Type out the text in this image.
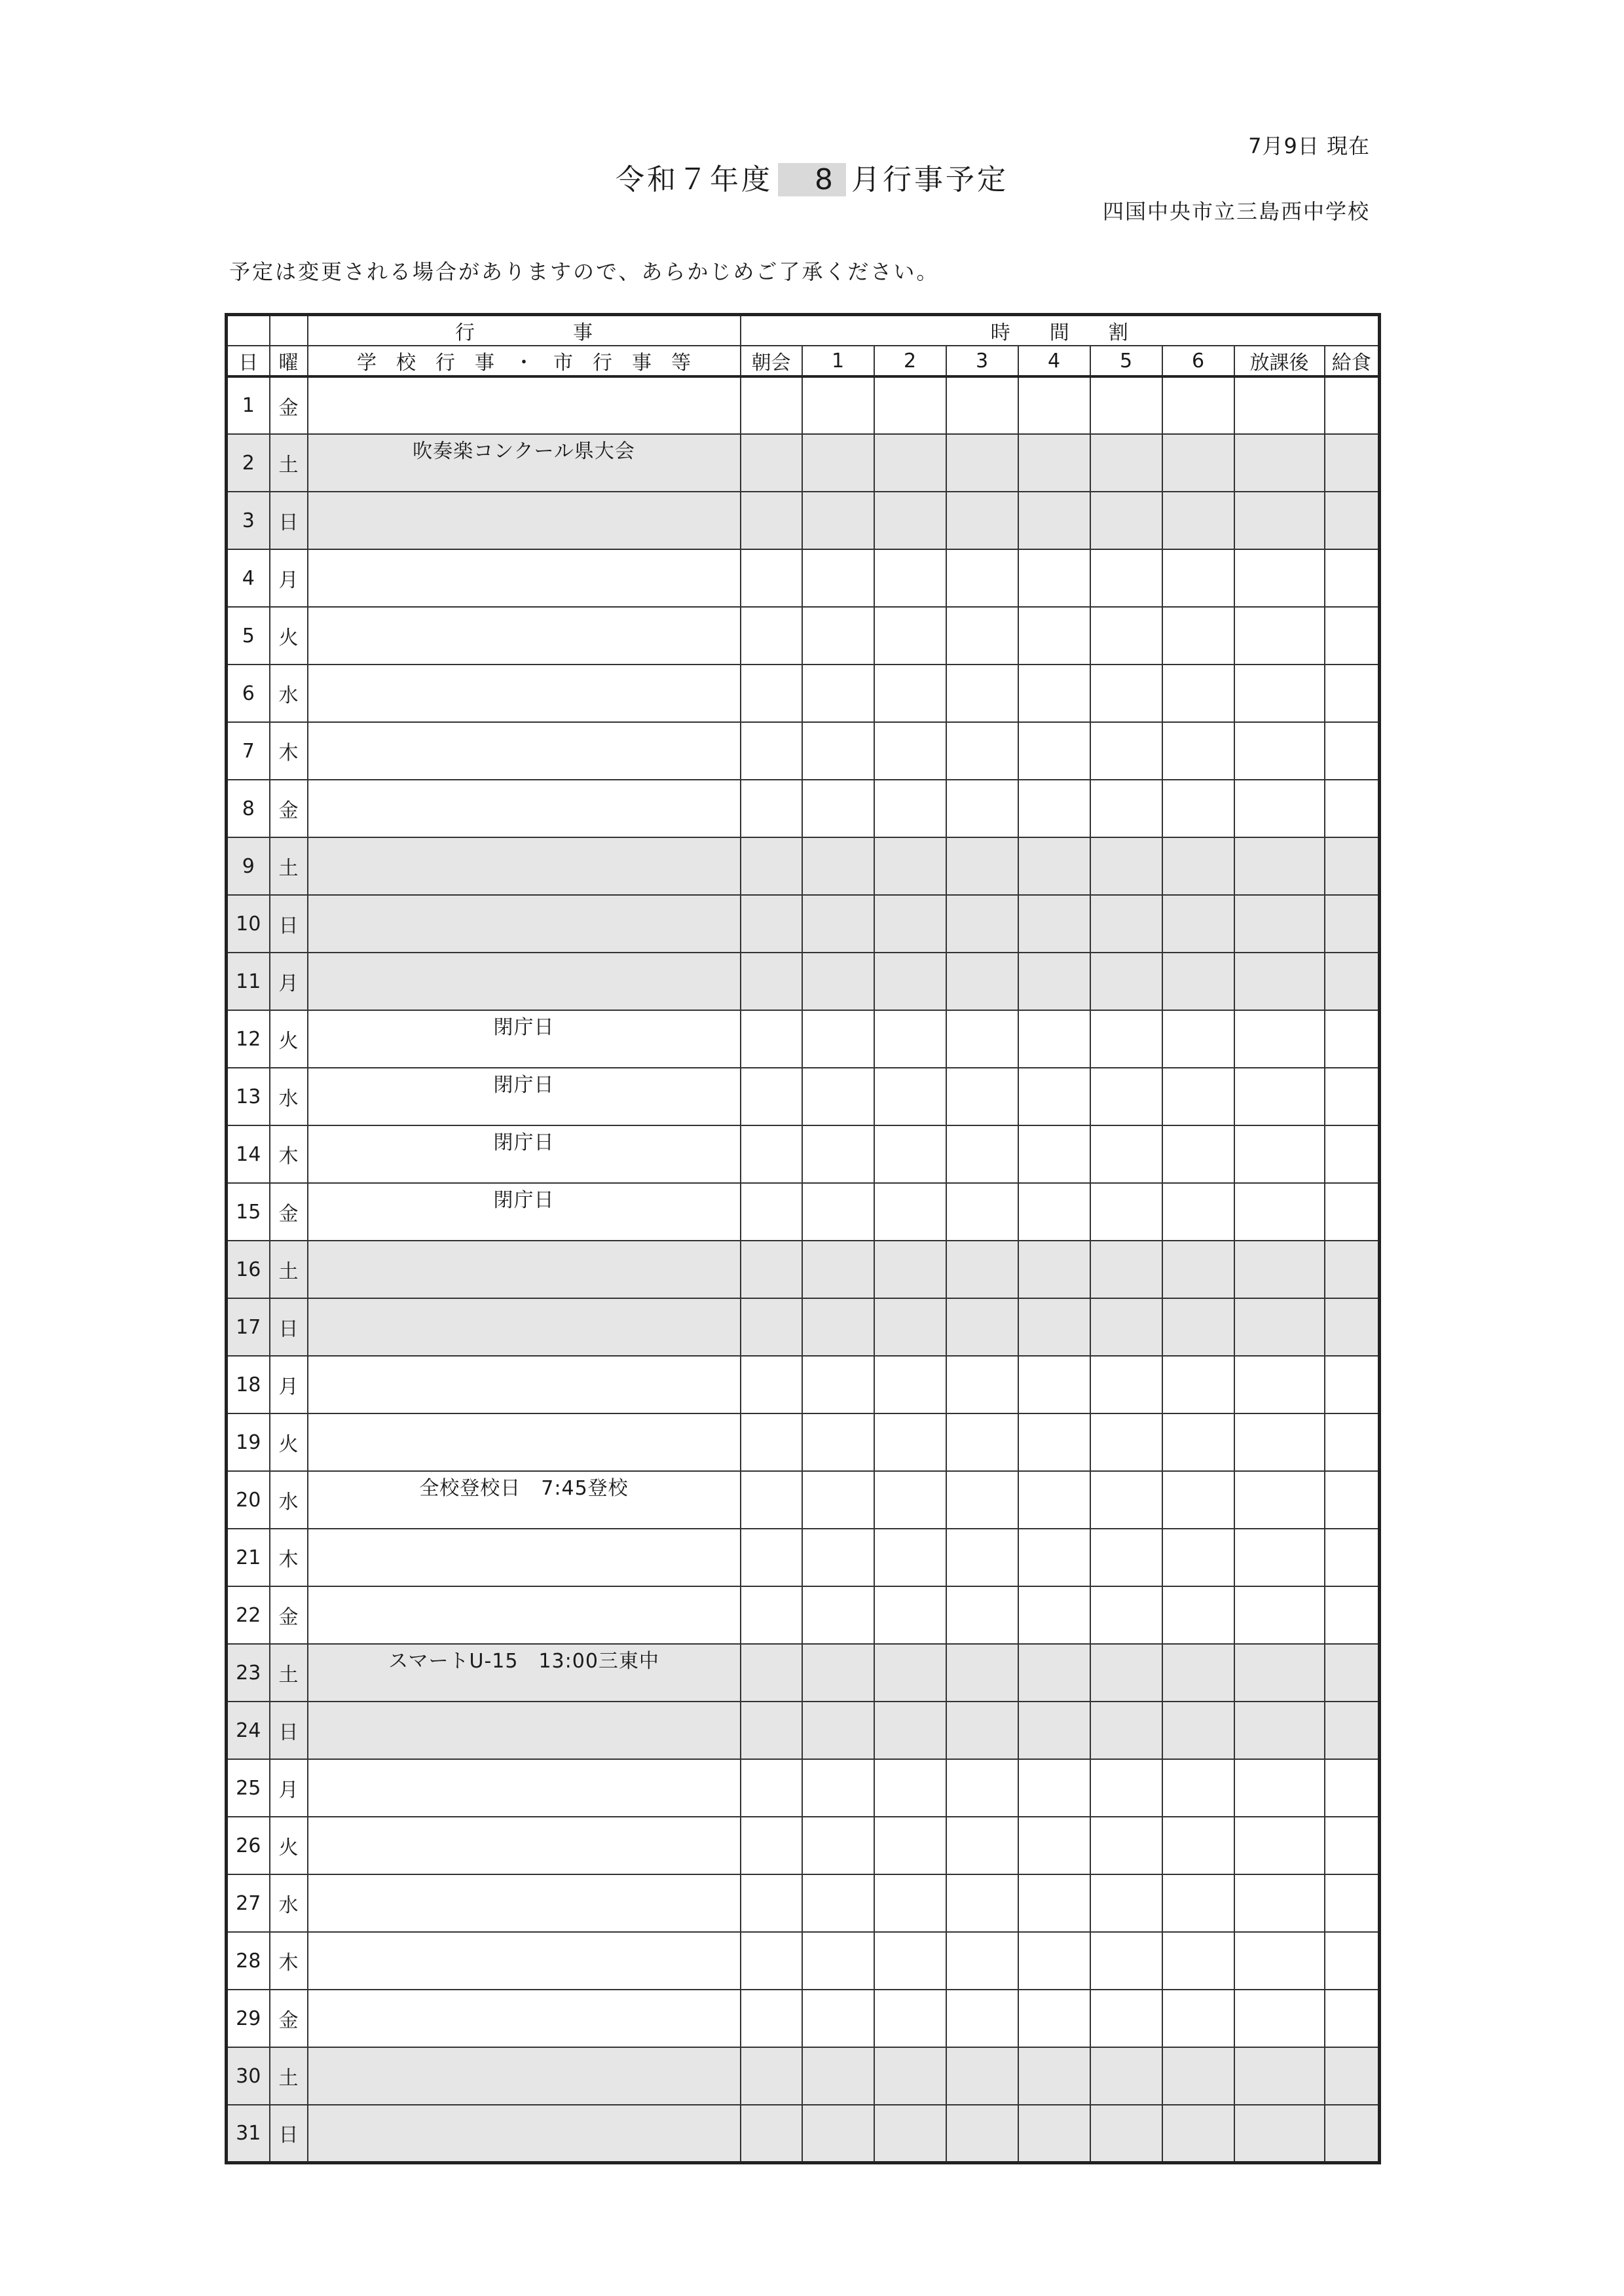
7月9日 現在
令和７年度 8 月行事予定
四国中央市立三島西中学校
予定は変更される場合がありますので、あらかじめご了承ください。
		行　　　　　事	時　　間　　割								
日	曜	学　校　行　事　・　市　行　事　等	朝会	1	2	3	4	5	6	放課後	給食
1	金										
2	土	吹奏楽コンクール県大会									
3	日										
4	月										
5	火										
6	水										
7	木										
8	金										
9	土										
10	日										
11	月										
12	火	閉庁日									
13	水	閉庁日									
14	木	閉庁日									
15	金	閉庁日									
16	土										
17	日										
18	月										
19	火										
20	水	全校登校日　7:45登校									
21	木										
22	金										
23	土	スマートU-15　13:00三東中									
24	日										
25	月										
26	火										
27	水										
28	木										
29	金										
30	土										
31	日										
